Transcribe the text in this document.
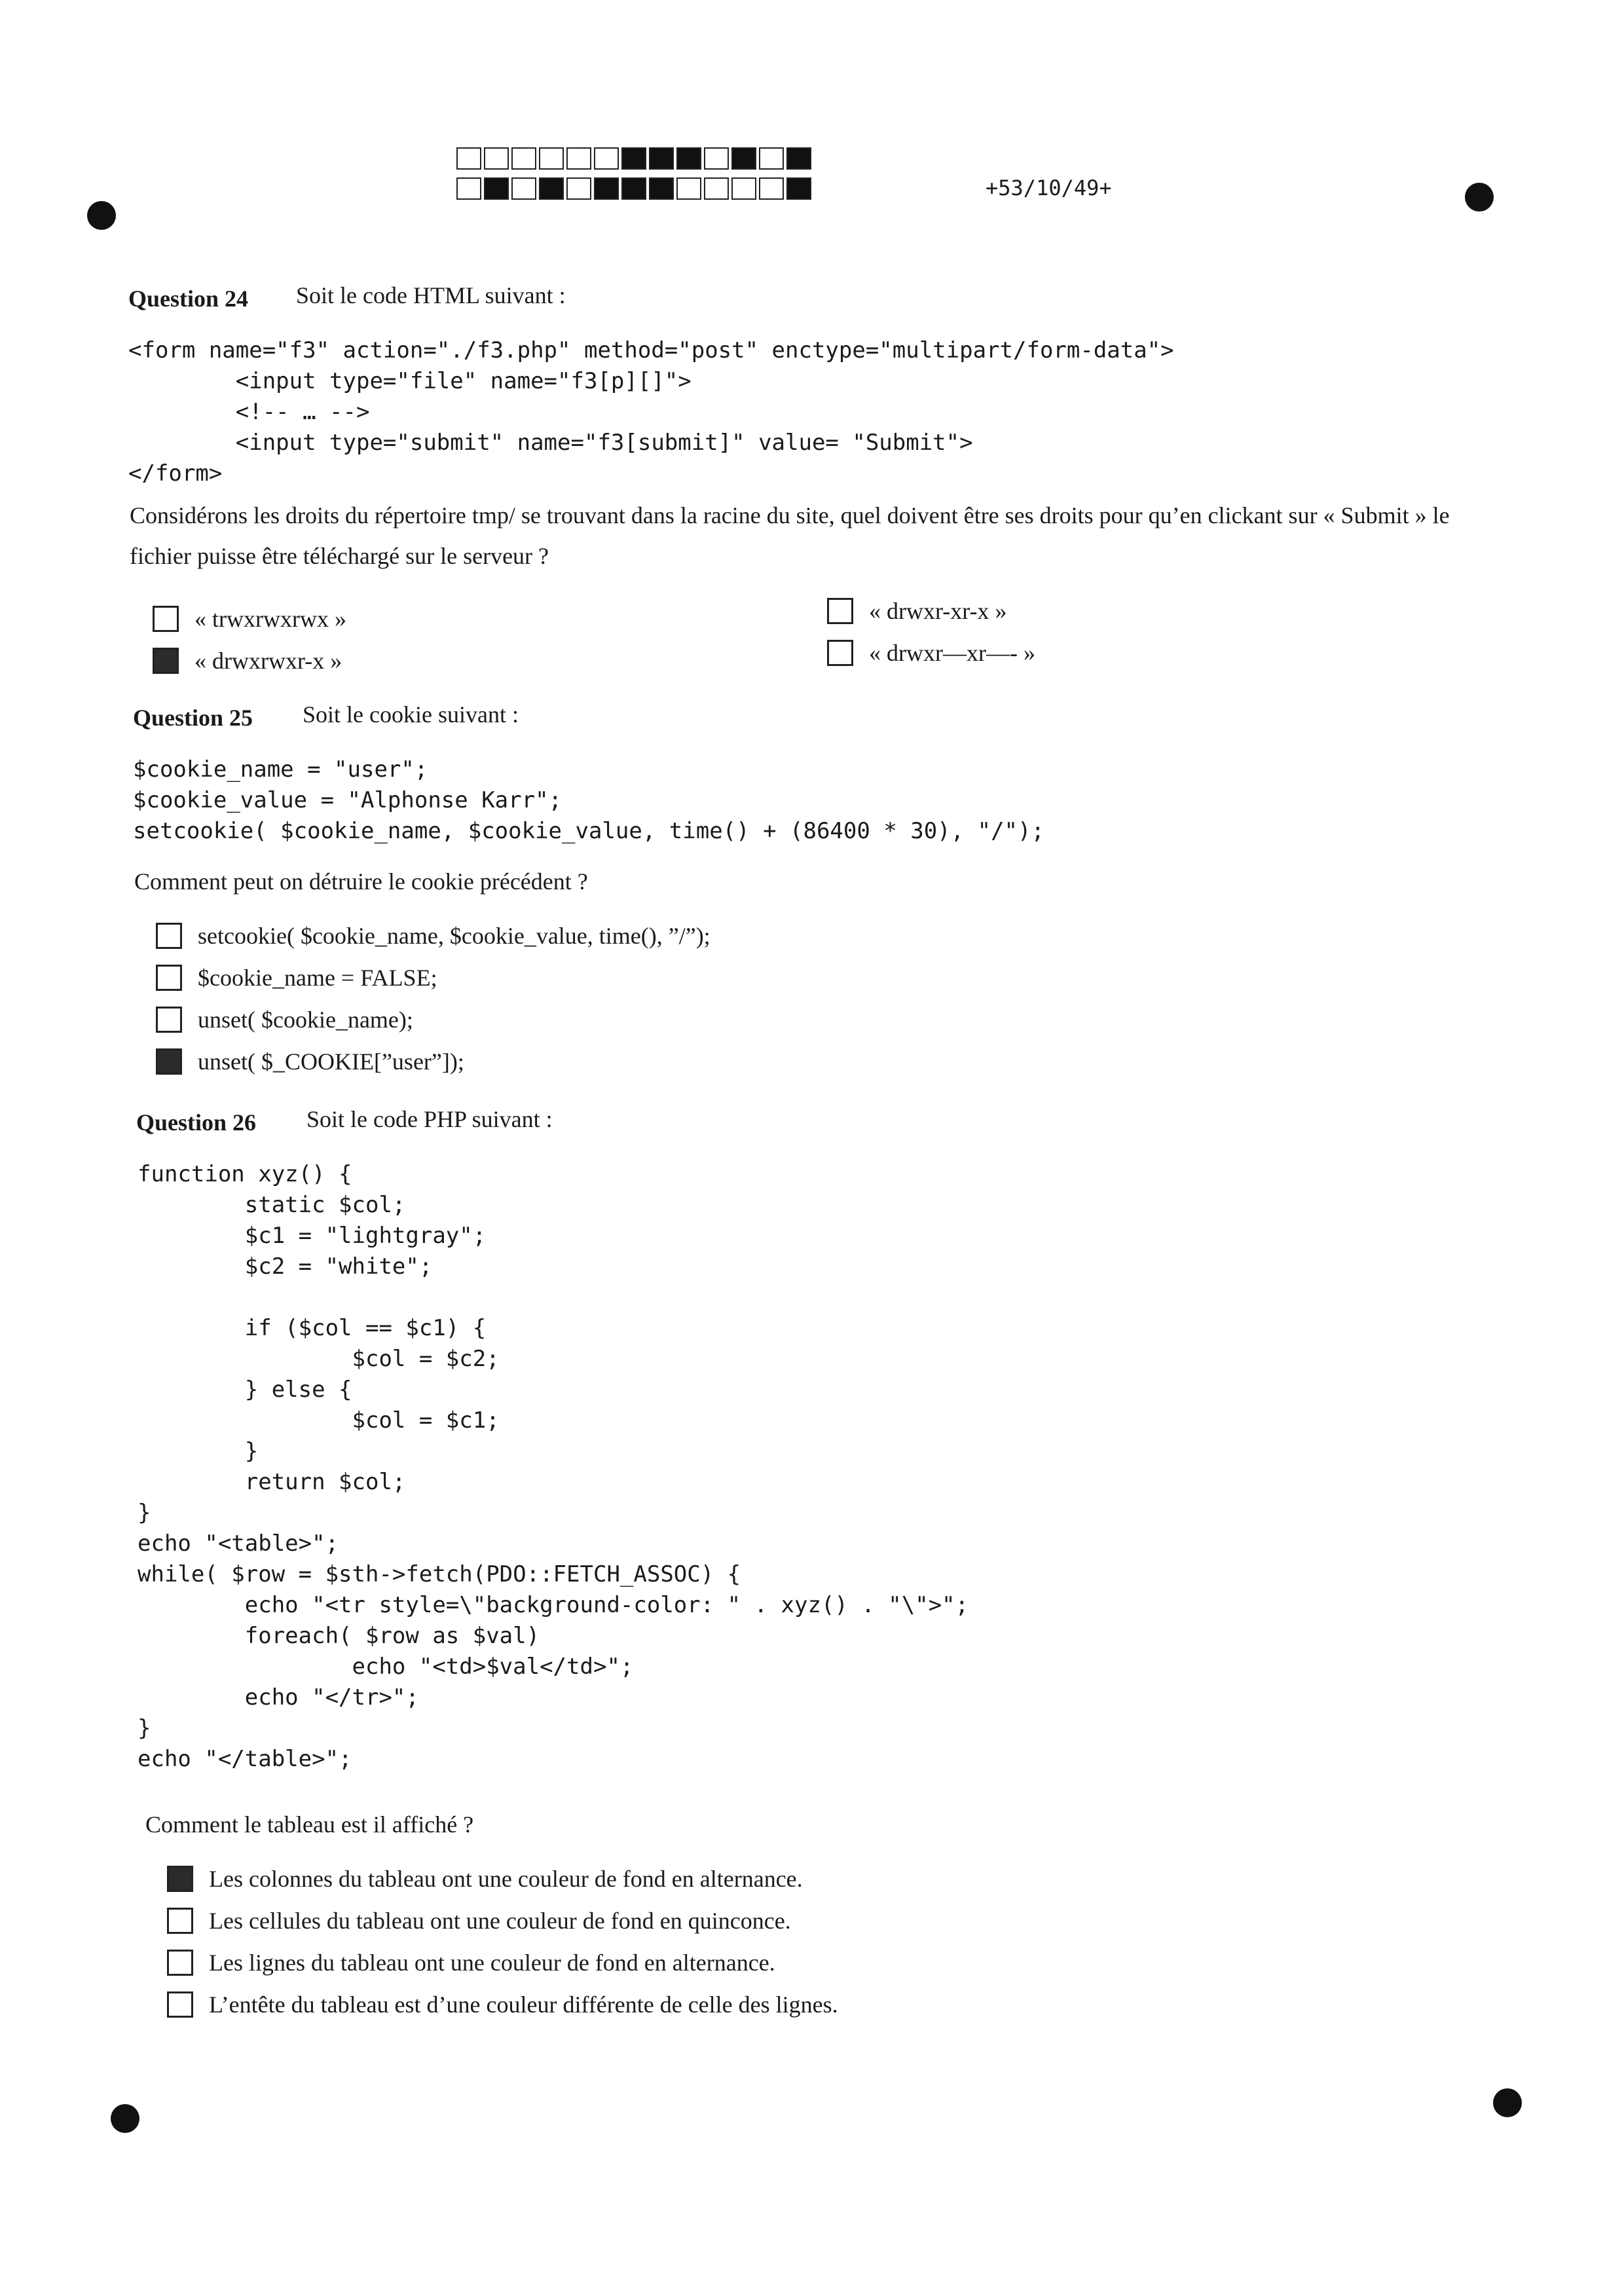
+53/10/49+
Question 24 Soit le code HTML suivant :
<form name="f3" action="./f3.php" method="post" enctype="multipart/form-data">
<input type="file" name="f3[p][]">
<!-- … -->
<input type="submit" name="f3[submit]" value= "Submit">
</form>
Considérons les droits du répertoire tmp/ se trouvant dans la racine du site, quel doivent être ses droits pour qu’en clickant sur « Submit » le fichier puisse être téléchargé sur le serveur ?
« trwxrwxrwx »
« drwxrwxr-x »
« drwxr-xr-x »
« drwxr—xr—- »
Question 25 Soit le cookie suivant :
$cookie_name = "user";
$cookie_value = "Alphonse Karr";
setcookie( $cookie_name, $cookie_value, time() + (86400 * 30), "/");
Comment peut on détruire le cookie précédent ?
setcookie( $cookie_name, $cookie_value, time(), ”/”);
$cookie_name = FALSE;
unset( $cookie_name);
unset( $_COOKIE[”user”]);
Question 26 Soit le code PHP suivant :
function xyz() {
static $col;
$c1 = "lightgray";
$c2 = "white";

if ($col == $c1) {
$col = $c2;
} else {
$col = $c1;
}
return $col;
}
echo "<table>";
while( $row = $sth->fetch(PDO::FETCH_ASSOC) {
echo "<tr style=\"background-color: " . xyz() . "\">";
foreach( $row as $val)
echo "<td>$val</td>";
echo "</tr>";
}
echo "</table>";
Comment le tableau est il affiché ?
Les colonnes du tableau ont une couleur de fond en alternance.
Les cellules du tableau ont une couleur de fond en quinconce.
Les lignes du tableau ont une couleur de fond en alternance.
L’entête du tableau est d’une couleur différente de celle des lignes.
